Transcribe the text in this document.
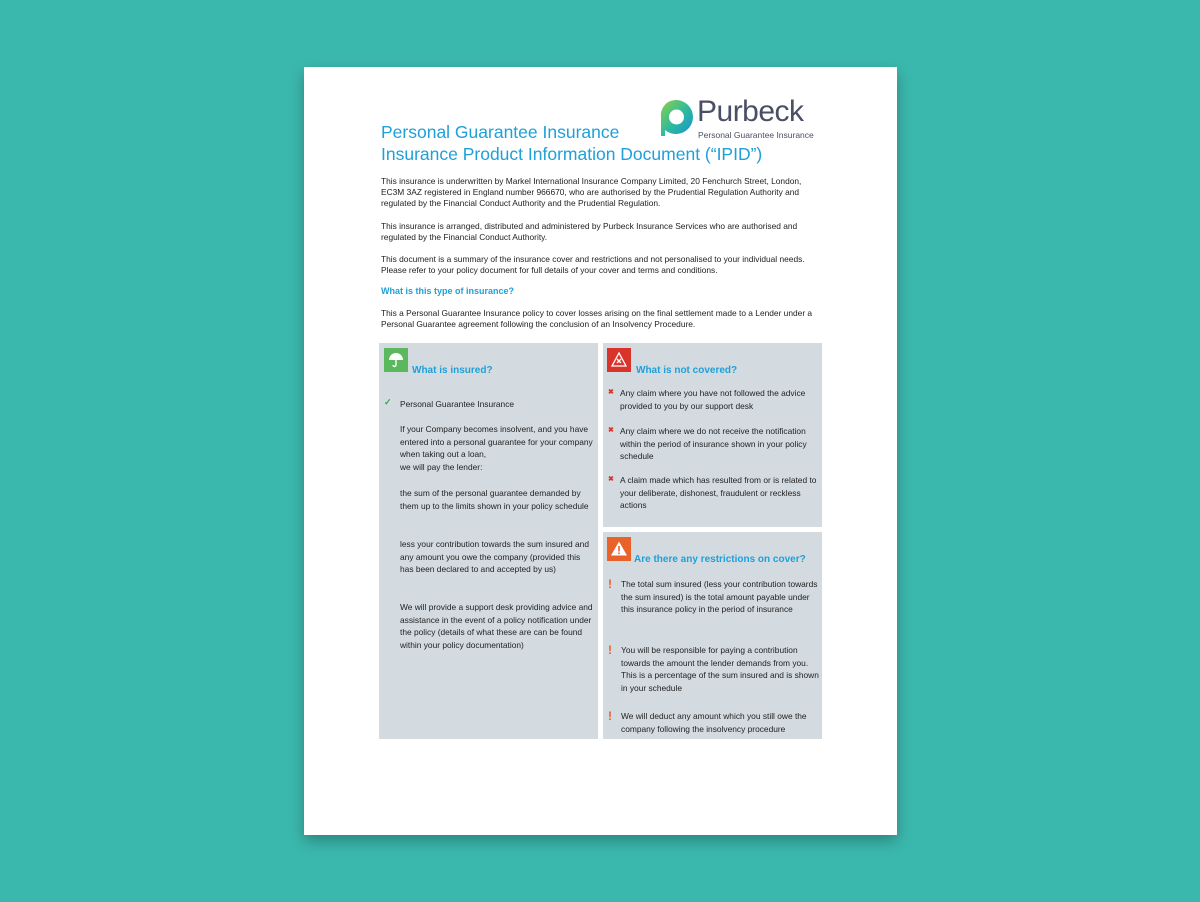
Purbeck
Personal Guarantee Insurance
Personal Guarantee Insurance
Insurance Product Information Document (“IPID”)
This insurance is underwritten by Markel International Insurance Company Limited, 20 Fenchurch Street, London, EC3M 3AZ registered in England number 966670, who are authorised by the Prudential Regulation Authority and regulated by the Financial Conduct Authority and the Prudential Regulation.
This insurance is arranged, distributed and administered by Purbeck Insurance Services who are authorised and regulated by the Financial Conduct Authority.
This document is a summary of the insurance cover and restrictions and not personalised to your individual needs. Please refer to your policy document for full details of your cover and terms and conditions.
What is this type of insurance?
This a Personal Guarantee Insurance policy to cover losses arising on the final settlement made to a Lender under a Personal Guarantee agreement following the conclusion of an Insolvency Procedure.
What is insured?
✓ Personal Guarantee Insurance
If your Company becomes insolvent, and you have entered into a personal guarantee for your company when taking out a loan,
we will pay the lender:
the sum of the personal guarantee demanded by them up to the limits shown in your policy schedule
less your contribution towards the sum insured and any amount you owe the company (provided this has been declared to and accepted by us)
We will provide a support desk providing advice and assistance in the event of a policy notification under the policy (details of what these are can be found within your policy documentation)
What is not covered?
✖ Any claim where you have not followed the advice provided to you by our support desk
✖ Any claim where we do not receive the notification within the period of insurance shown in your policy schedule
✖ A claim made which has resulted from or is related to your deliberate, dishonest, fraudulent or reckless actions
Are there any restrictions on cover?
! The total sum insured (less your contribution towards the sum insured) is the total amount payable under this insurance policy in the period of insurance
! You will be responsible for paying a contribution towards the amount the lender demands from you. This is a percentage of the sum insured and is shown in your schedule
! We will deduct any amount which you still owe the company following the insolvency procedure
